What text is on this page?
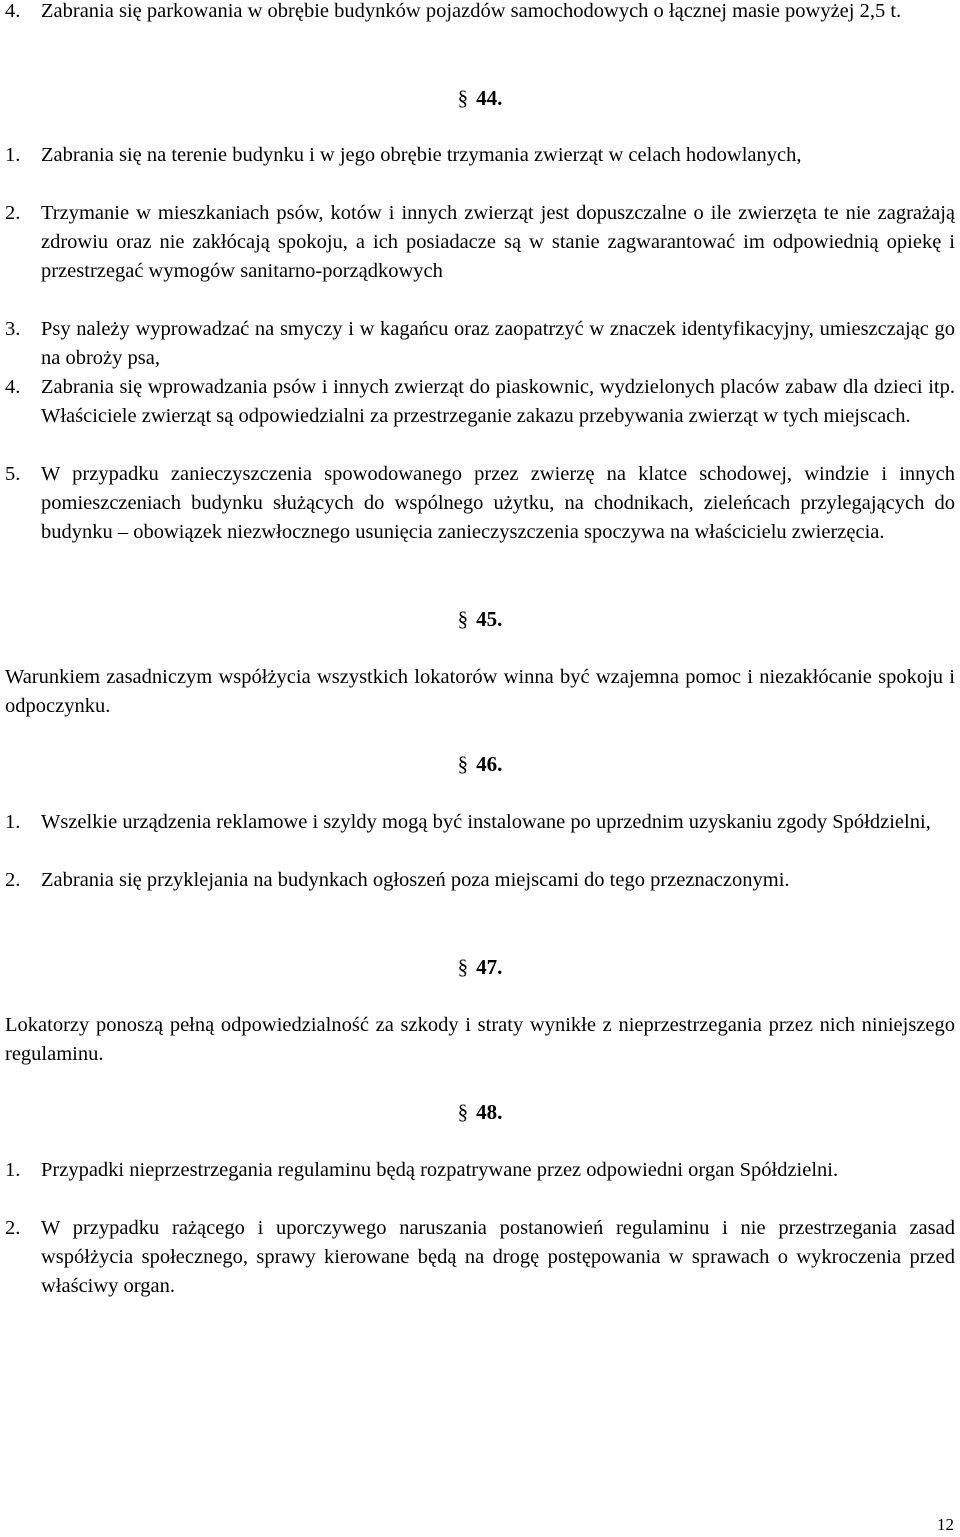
4.	Zabrania się parkowania w obrębie budynków pojazdów samochodowych o łącznej masie powyżej 2,5 t.
§ 44.
1.	Zabrania się na terenie budynku i w jego obrębie trzymania zwierząt w celach hodowlanych,
2.	Trzymanie w mieszkaniach psów, kotów i innych zwierząt jest dopuszczalne o ile zwierzęta te nie zagrażają zdrowiu oraz nie zakłócają spokoju, a ich posiadacze są w stanie zagwarantować im odpowiednią opiekę i przestrzegać wymogów sanitarno-porządkowych
3.	Psy należy wyprowadzać na smyczy i w kagańcu oraz zaopatrzyć w znaczek identyfikacyjny, umieszczając go na obroży psa,
4.	Zabrania się wprowadzania psów i innych zwierząt do piaskownic, wydzielonych placów zabaw dla dzieci itp. Właściciele zwierząt są odpowiedzialni za przestrzeganie zakazu przebywania zwierząt w tych miejscach.
5.	W przypadku zanieczyszczenia spowodowanego przez zwierzę na klatce schodowej, windzie i innych pomieszczeniach budynku służących do wspólnego użytku, na chodnikach, zieleńcach przylegających do budynku – obowiązek niezwłocznego usunięcia zanieczyszczenia spoczywa na właścicielu zwierzęcia.
§ 45.
Warunkiem zasadniczym współżycia wszystkich lokatorów winna być wzajemna pomoc i niezakłócanie spokoju i odpoczynku.
§ 46.
1.	Wszelkie urządzenia reklamowe i szyldy mogą być instalowane po uprzednim uzyskaniu zgody Spółdzielni,
2.	Zabrania się przyklejania na budynkach ogłoszeń poza miejscami do tego przeznaczonymi.
§ 47.
Lokatorzy ponoszą pełną odpowiedzialność za szkody i straty wynikłe z nieprzestrzegania przez nich niniejszego regulaminu.
§ 48.
1.	Przypadki nieprzestrzegania regulaminu będą rozpatrywane przez odpowiedni organ Spółdzielni.
2.	W przypadku rażącego i uporczywego naruszania postanowień regulaminu i nie przestrzegania zasad współżycia społecznego, sprawy kierowane będą na drogę postępowania w sprawach o wykroczenia przed właściwy organ.
12
